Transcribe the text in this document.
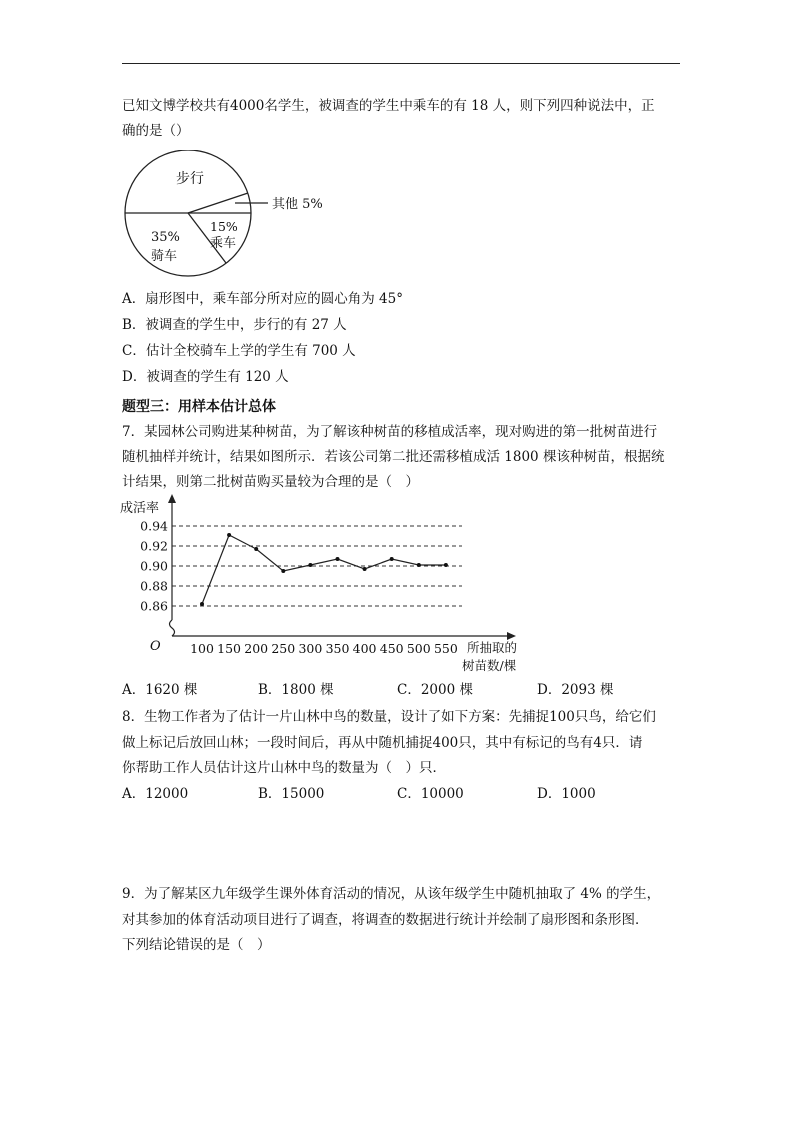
已知文博学校共有4000名学生，被调查的学生中乘车的有 18 人，则下列四种说法中，正
确的是（）
步行
15%
乘车
35%
骑车
其他 5%
A．扇形图中，乘车部分所对应的圆心角为 45°
B．被调查的学生中，步行的有 27 人
C．估计全校骑车上学的学生有 700 人
D．被调查的学生有 120 人
题型三：用样本估计总体
7．某园林公司购进某种树苗，为了解该种树苗的移植成活率，现对购进的第一批树苗进行
随机抽样并统计，结果如图所示．若该公司第二批还需移植成活 1800 棵该种树苗，根据统
计结果，则第二批树苗购买量较为合理的是（　）
成活率
O	所抽取的
树苗数/棵
0.94
0.92
0.90
0.88
0.86
100 150 200 250 300 350 400 450 500 550
A．1620 棵	B．1800 棵	C．2000 棵	D．2093 棵
8．生物工作者为了估计一片山林中鸟的数量，设计了如下方案：先捕捉100只鸟，给它们
做上标记后放回山林；一段时间后，再从中随机捕捉400只，其中有标记的鸟有4只．请
你帮助工作人员估计这片山林中鸟的数量为（　）只．
A．12000	B．15000	C．10000	D．1000
9．为了解某区九年级学生课外体育活动的情况，从该年级学生中随机抽取了 4% 的学生，
对其参加的体育活动项目进行了调查，将调查的数据进行统计并绘制了扇形图和条形图．
下列结论错误的是（　）
